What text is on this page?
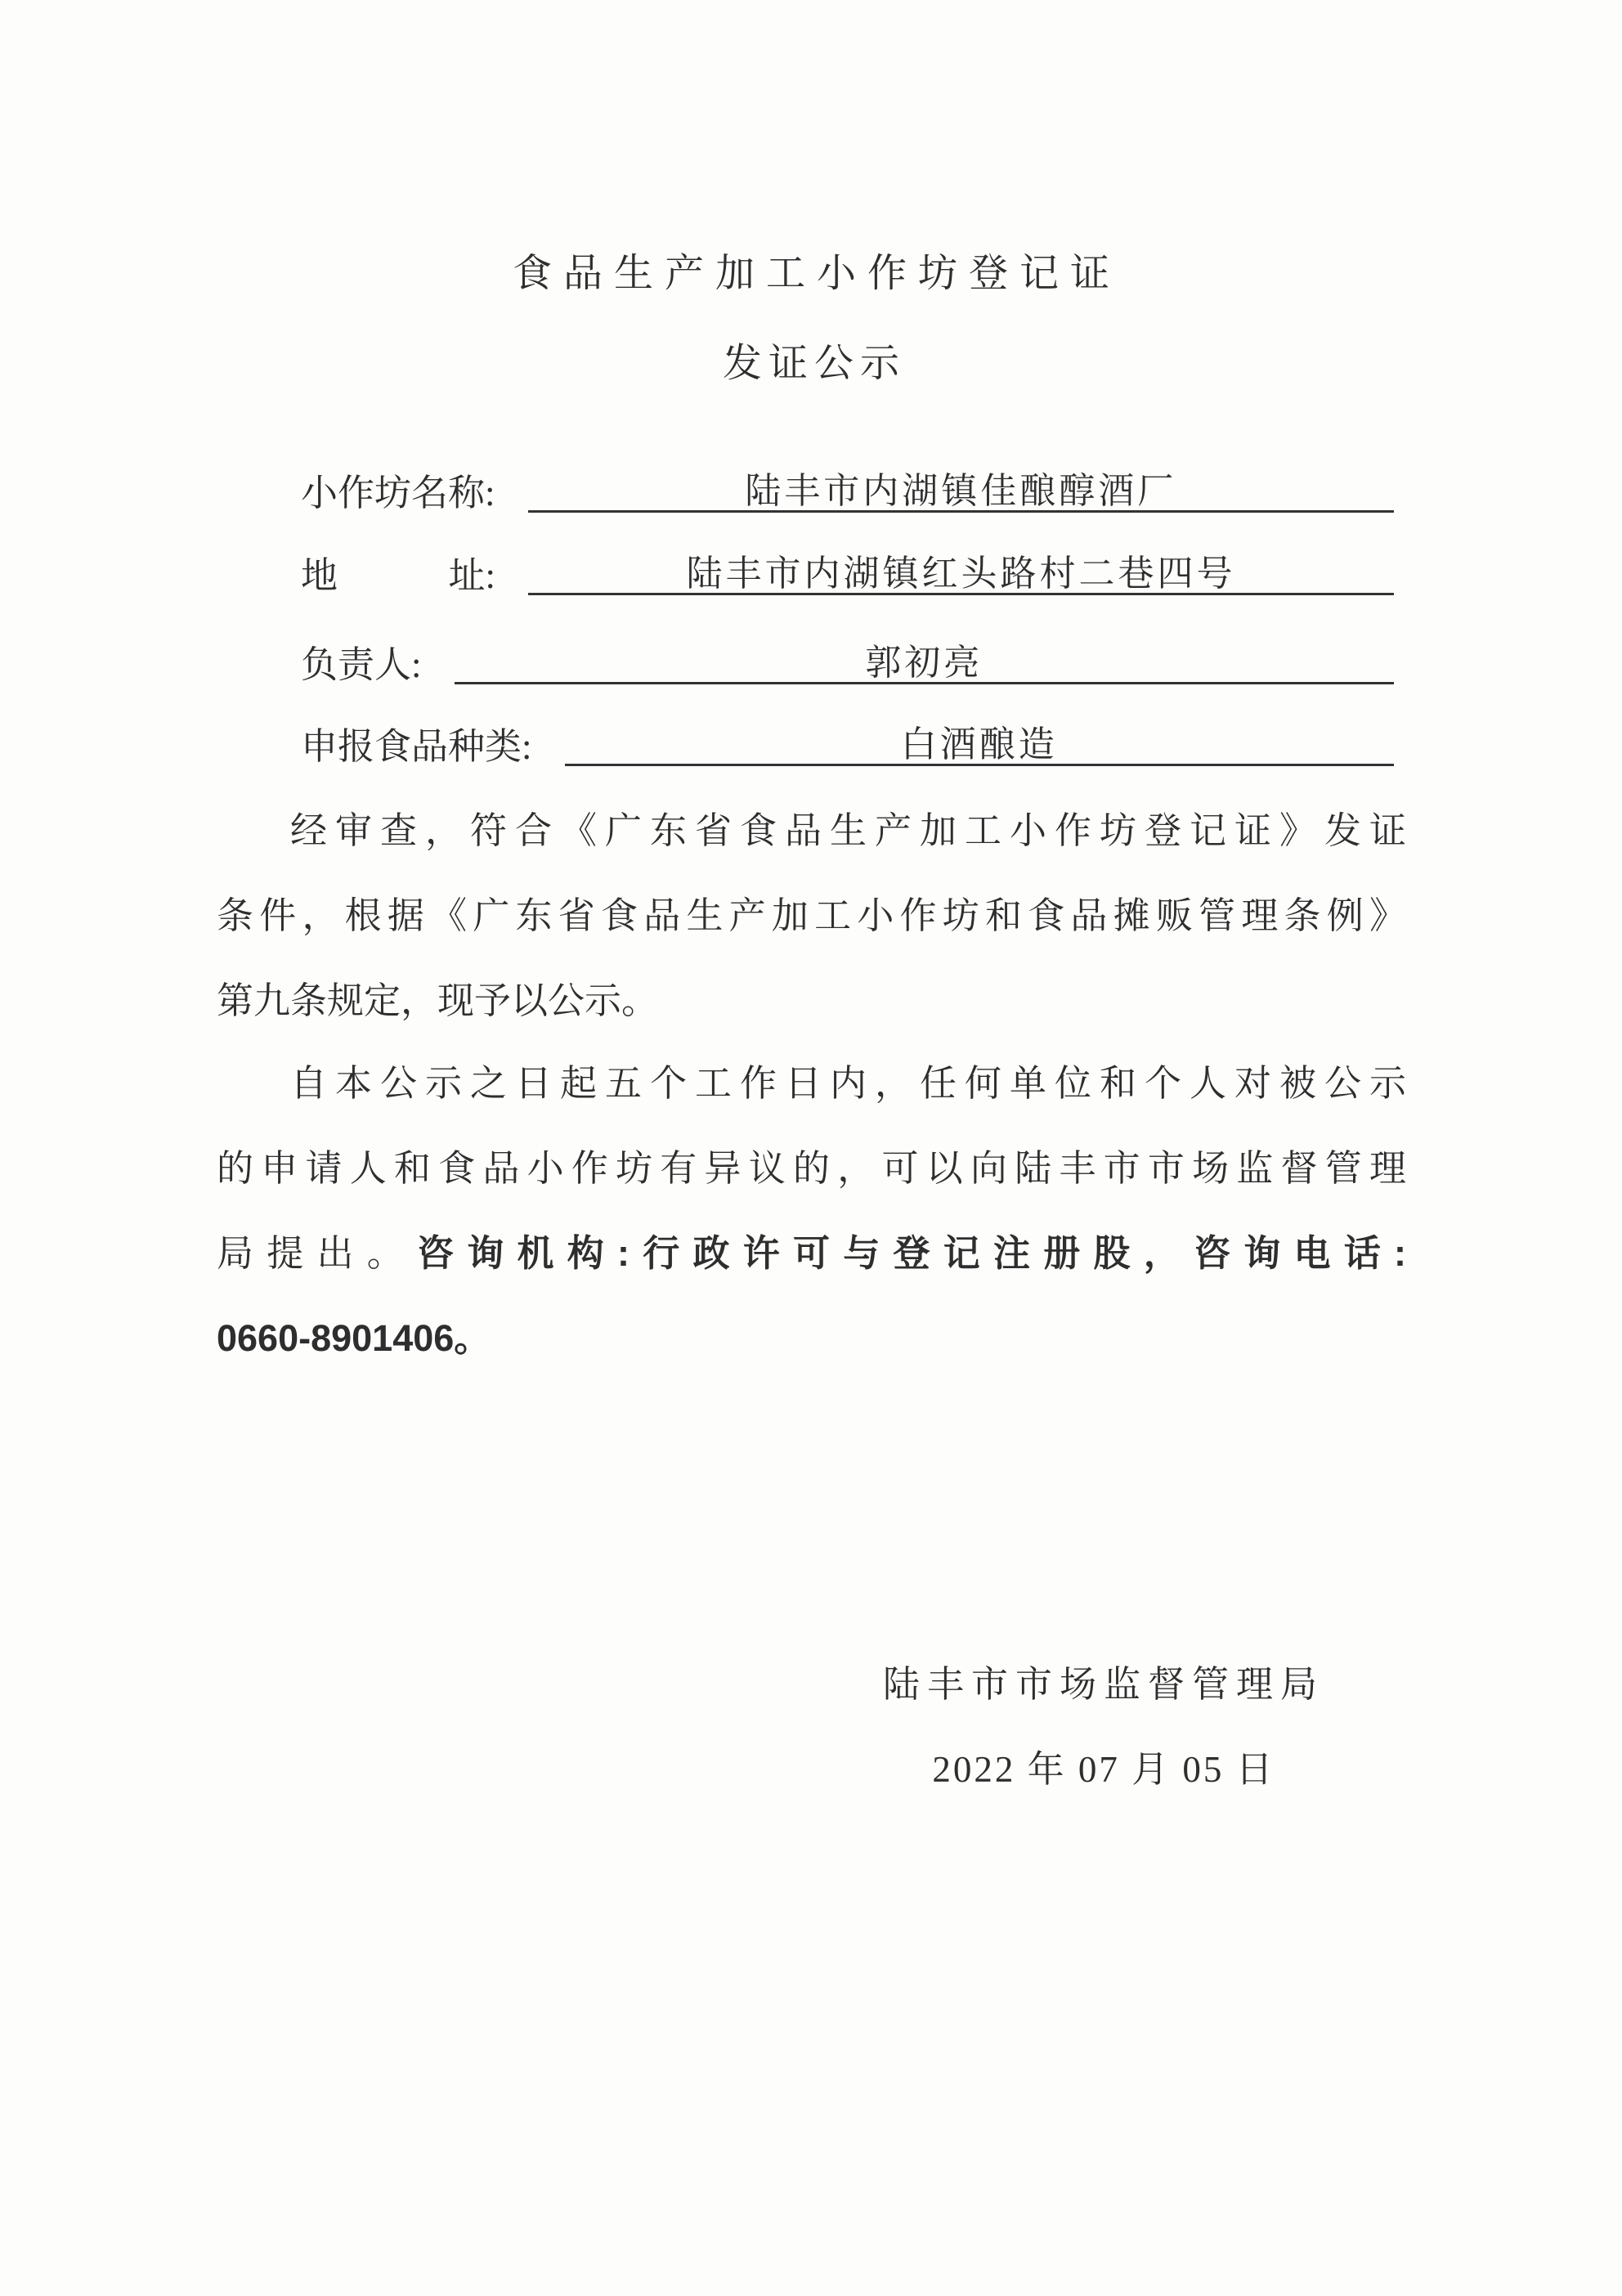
食品生产加工小作坊登记证
发证公示
小作坊名称:	陆丰市内湖镇佳酿醇酒厂
地	址:	陆丰市内湖镇红头路村二巷四号
负责人:	郭初亮
申报食品种类:	白酒酿造
经审查，符合《广东省食品生产加工小作坊登记证》发证
条件，根据《广东省食品生产加工小作坊和食品摊贩管理条例》
第九条规定，现予以公示。
自本公示之日起五个工作日内，任何单位和个人对被公示
的申请人和食品小作坊有异议的，可以向陆丰市市场监督管理
局提出。咨询机构:行政许可与登记注册股，咨询电话:
0660-8901406。
陆丰市市场监督管理局
2022 年 07 月 05 日
